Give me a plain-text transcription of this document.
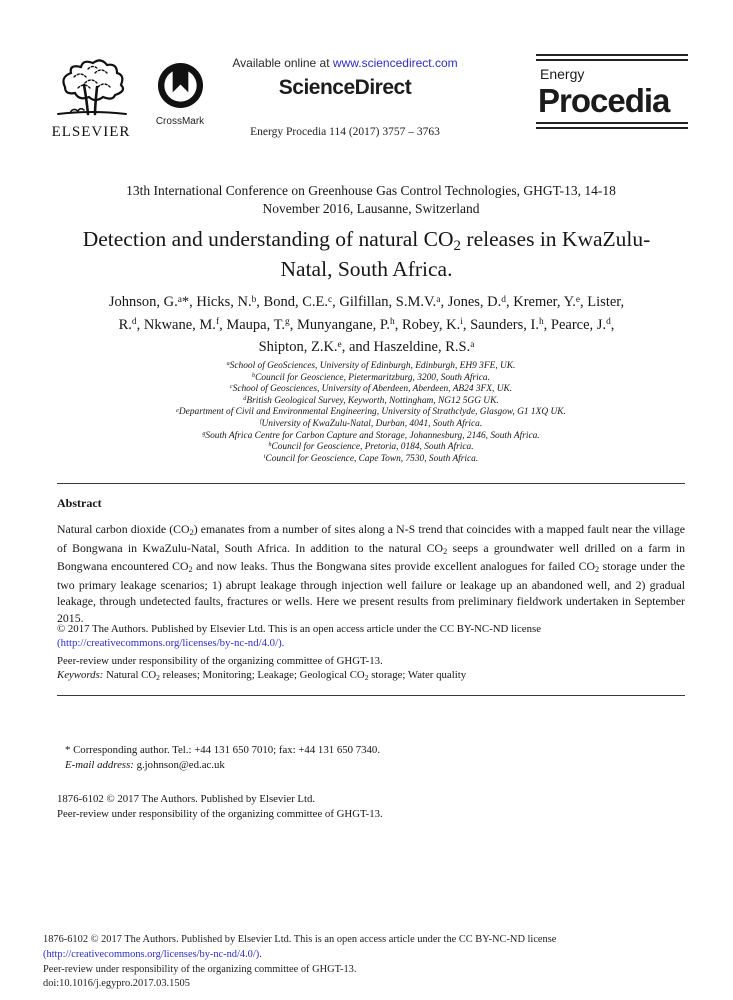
ELSEVIER
CrossMark
Available online at www.sciencedirect.com
ScienceDirect
Energy Procedia 114 (2017) 3757 – 3763
Energy
Procedia
13th International Conference on Greenhouse Gas Control Technologies, GHGT-13, 14-18
November 2016, Lausanne, Switzerland
Detection and understanding of natural $CO_2$ releases in KwaZulu-
Natal, South Africa.
Johnson, G.$^a$*, Hicks, N.$^b$, Bond, C.E.$^c$, Gilfillan, S.M.V.$^a$, Jones, D.$^d$, Kremer, Y.$^e$, Lister,
R.$^d$, Nkwane, M.$^f$, Maupa, T.$^g$, Munyangane, P.$^h$, Robey, K.$^i$, Saunders, I.$^h$, Pearce, J.$^d$,
Shipton, Z.K.$^e$, and Haszeldine, R.S.$^a$
$^a$School of GeoSciences, University of Edinburgh, Edinburgh, EH9 3FE, UK.
$^b$Council for Geoscience, Pietermaritzburg, 3200, South Africa.
$^c$School of Geosciences, University of Aberdeen, Aberdeen, AB24 3FX, UK.
$^d$British Geological Survey, Keyworth, Nottingham, NG12 5GG UK.
$^e$Department of Civil and Environmental Engineering, University of Strathclyde, Glasgow, G1 1XQ UK.
$^f$University of KwaZulu-Natal, Durban, 4041, South Africa.
$^g$South Africa Centre for Carbon Capture and Storage, Johannesburg, 2146, South Africa.
$^h$Council for Geoscience, Pretoria, 0184, South Africa.
$^i$Council for Geoscience, Cape Town, 7530, South Africa.
Abstract
Natural carbon dioxide $(CO_2)$ emanates from a number of sites along a N-S trend that coincides with a mapped fault near the village of Bongwana in KwaZulu-Natal, South Africa. In addition to the natural $CO_2$ seeps a groundwater well drilled on a farm in Bongwana encountered $CO_2$ and now leaks. Thus the Bongwana sites provide excellent analogues for failed $CO_2$ storage under the two primary leakage scenarios; 1) abrupt leakage through injection well failure or leakage up an abandoned well, and 2) gradual leakage, through undetected faults, fractures or wells. Here we present results from preliminary fieldwork undertaken in September 2015.
© 2017 The Authors. Published by Elsevier Ltd. This is an open access article under the CC BY-NC-ND license
(http://creativecommons.org/licenses/by-nc-nd/4.0/).
Peer-review under responsibility of the organizing committee of GHGT-13.
Keywords: Natural $CO_2$ releases; Monitoring; Leakage; Geological $CO_2$ storage; Water quality
* Corresponding author. Tel.: +44 131 650 7010; fax: +44 131 650 7340.
E-mail address: g.johnson@ed.ac.uk
1876-6102 © 2017 The Authors. Published by Elsevier Ltd.
Peer-review under responsibility of the organizing committee of GHGT-13.
1876-6102 © 2017 The Authors. Published by Elsevier Ltd. This is an open access article under the CC BY-NC-ND license
(http://creativecommons.org/licenses/by-nc-nd/4.0/).
Peer-review under responsibility of the organizing committee of GHGT-13.
doi:10.1016/j.egypro.2017.03.1505
